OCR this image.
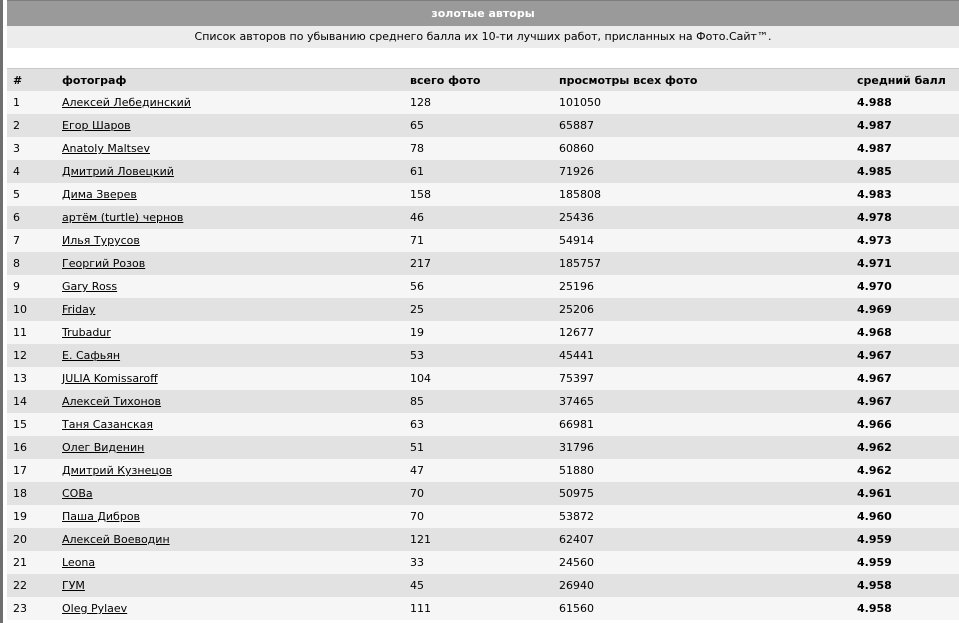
золотые авторы
Список авторов по убыванию среднего балла их 10-ти лучших работ, присланных на Фото.Сайт™.
#	фотограф	всего фото	просмотры всех фото	средний балл
1	Алексей Лебединский	128	101050	4.988
2	Егор Шаров	65	65887	4.987
3	Anatoly Maltsev	78	60860	4.987
4	Дмитрий Ловецкий	61	71926	4.985
5	Дима Зверев	158	185808	4.983
6	артём (turtle) чернов	46	25436	4.978
7	Илья Турусов	71	54914	4.973
8	Георгий Розов	217	185757	4.971
9	Gary Ross	56	25196	4.970
10	Friday	25	25206	4.969
11	Trubadur	19	12677	4.968
12	E. Сафьян	53	45441	4.967
13	JULIA Komissaroff	104	75397	4.967
14	Алексей Тихонов	85	37465	4.967
15	Таня Сазанская	63	66981	4.966
16	Олег Виденин	51	31796	4.962
17	Дмитрий Кузнецов	47	51880	4.962
18	СОВа	70	50975	4.961
19	Паша Дибров	70	53872	4.960
20	Алексей Воеводин	121	62407	4.959
21	Leona	33	24560	4.959
22	ГУМ	45	26940	4.958
23	Oleg Pylaev	111	61560	4.958
